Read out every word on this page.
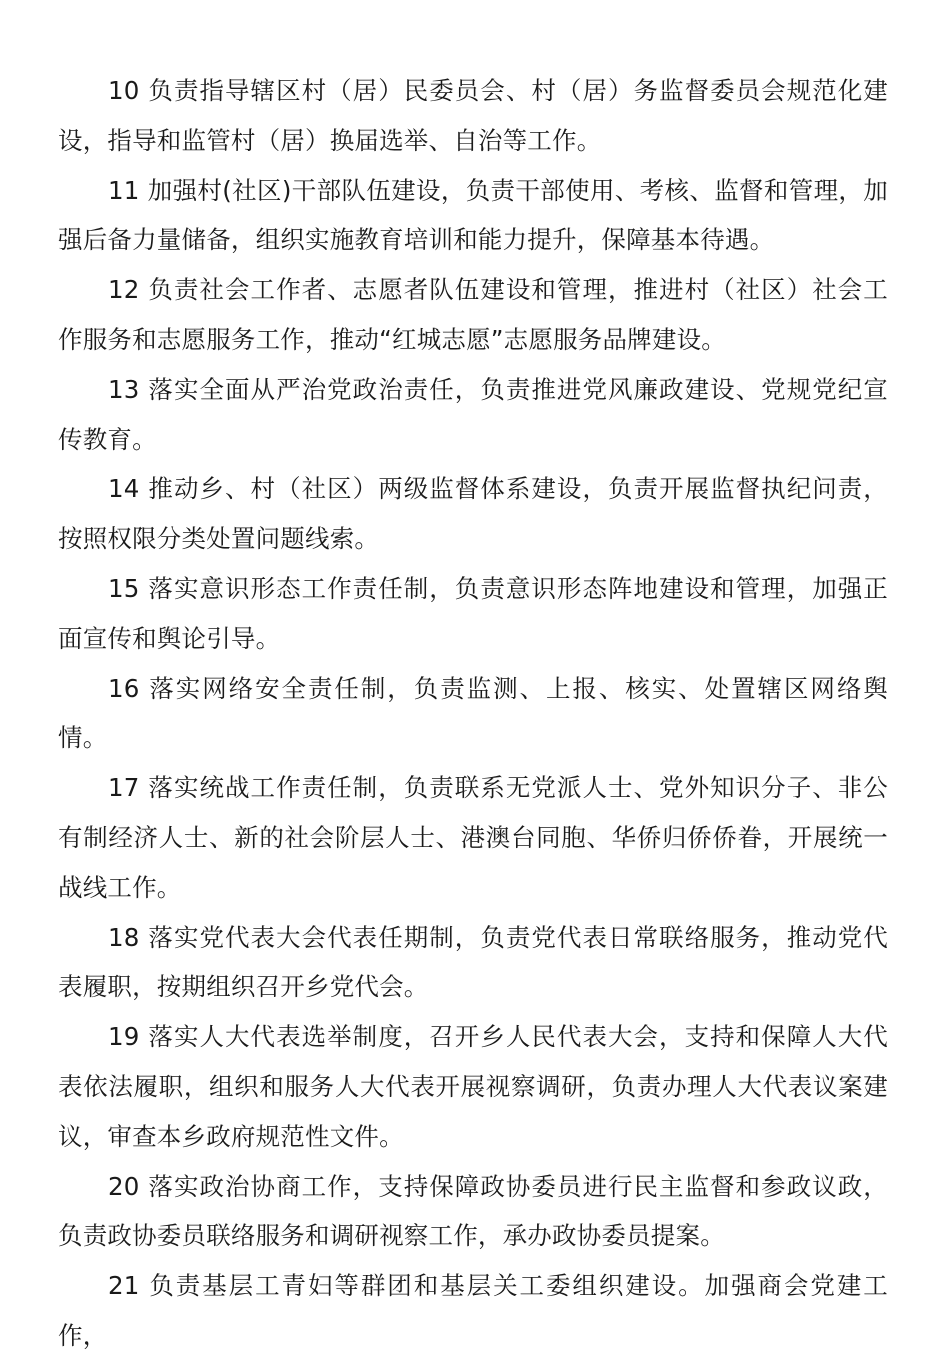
10 负责指导辖区村（居）民委员会、村（居）务监督委员会规范化建设，指导和监管村（居）换届选举、自治等工作。

11 加强村(社区)干部队伍建设，负责干部使用、考核、监督和管理，加强后备力量储备，组织实施教育培训和能力提升，保障基本待遇。

12 负责社会工作者、志愿者队伍建设和管理，推进村（社区）社会工作服务和志愿服务工作，推动“红城志愿”志愿服务品牌建设。

13 落实全面从严治党政治责任，负责推进党风廉政建设、党规党纪宣传教育。

14 推动乡、村（社区）两级监督体系建设，负责开展监督执纪问责，按照权限分类处置问题线索。

15 落实意识形态工作责任制，负责意识形态阵地建设和管理，加强正面宣传和舆论引导。

16 落实网络安全责任制，负责监测、上报、核实、处置辖区网络舆情。

17 落实统战工作责任制，负责联系无党派人士、党外知识分子、非公有制经济人士、新的社会阶层人士、港澳台同胞、华侨归侨侨眷，开展统一战线工作。

18 落实党代表大会代表任期制，负责党代表日常联络服务，推动党代表履职，按期组织召开乡党代会。

19 落实人大代表选举制度，召开乡人民代表大会，支持和保障人大代表依法履职，组织和服务人大代表开展视察调研，负责办理人大代表议案建议，审查本乡政府规范性文件。

20 落实政治协商工作，支持保障政协委员进行民主监督和参政议政，负责政协委员联络服务和调研视察工作，承办政协委员提案。

21 负责基层工青妇等群团和基层关工委组织建设。加强商会党建工作，
